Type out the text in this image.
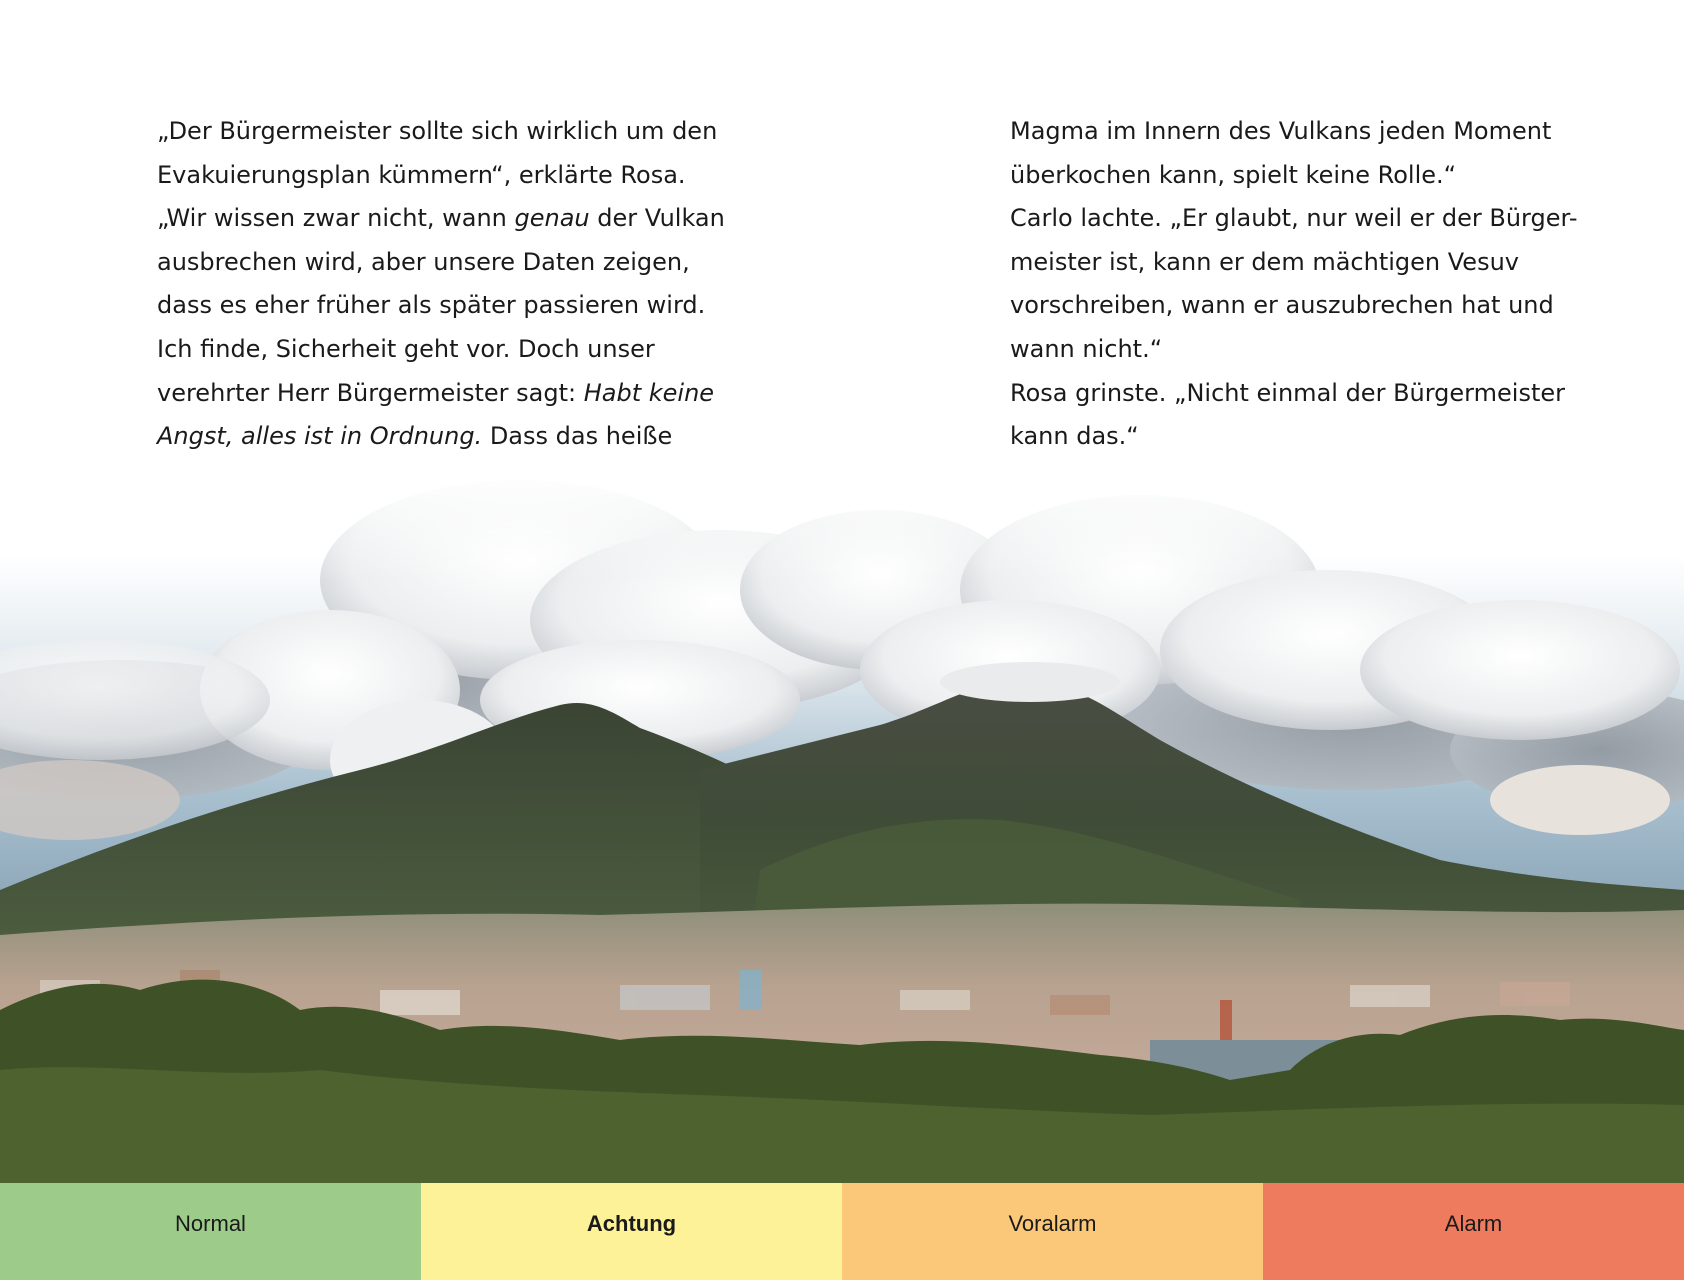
„Der Bürgermeister sollte sich wirklich um den
Evakuierungsplan kümmern“, erklärte Rosa.
„Wir wissen zwar nicht, wann genau der Vulkan
ausbrechen wird, aber unsere Daten zeigen,
dass es eher früher als später passieren wird.
Ich finde, Sicherheit geht vor. Doch unser
verehrter Herr Bürgermeister sagt: Habt keine
Angst, alles ist in Ordnung. Dass das heiße
Magma im Innern des Vulkans jeden Moment
überkochen kann, spielt keine Rolle.“
Carlo lachte. „Er glaubt, nur weil er der Bürger-
meister ist, kann er dem mächtigen Vesuv
vorschreiben, wann er auszubrechen hat und
wann nicht.“
Rosa grinste. „Nicht einmal der Bürgermeister
kann das.“
Normal	Achtung	Voralarm	Alarm
